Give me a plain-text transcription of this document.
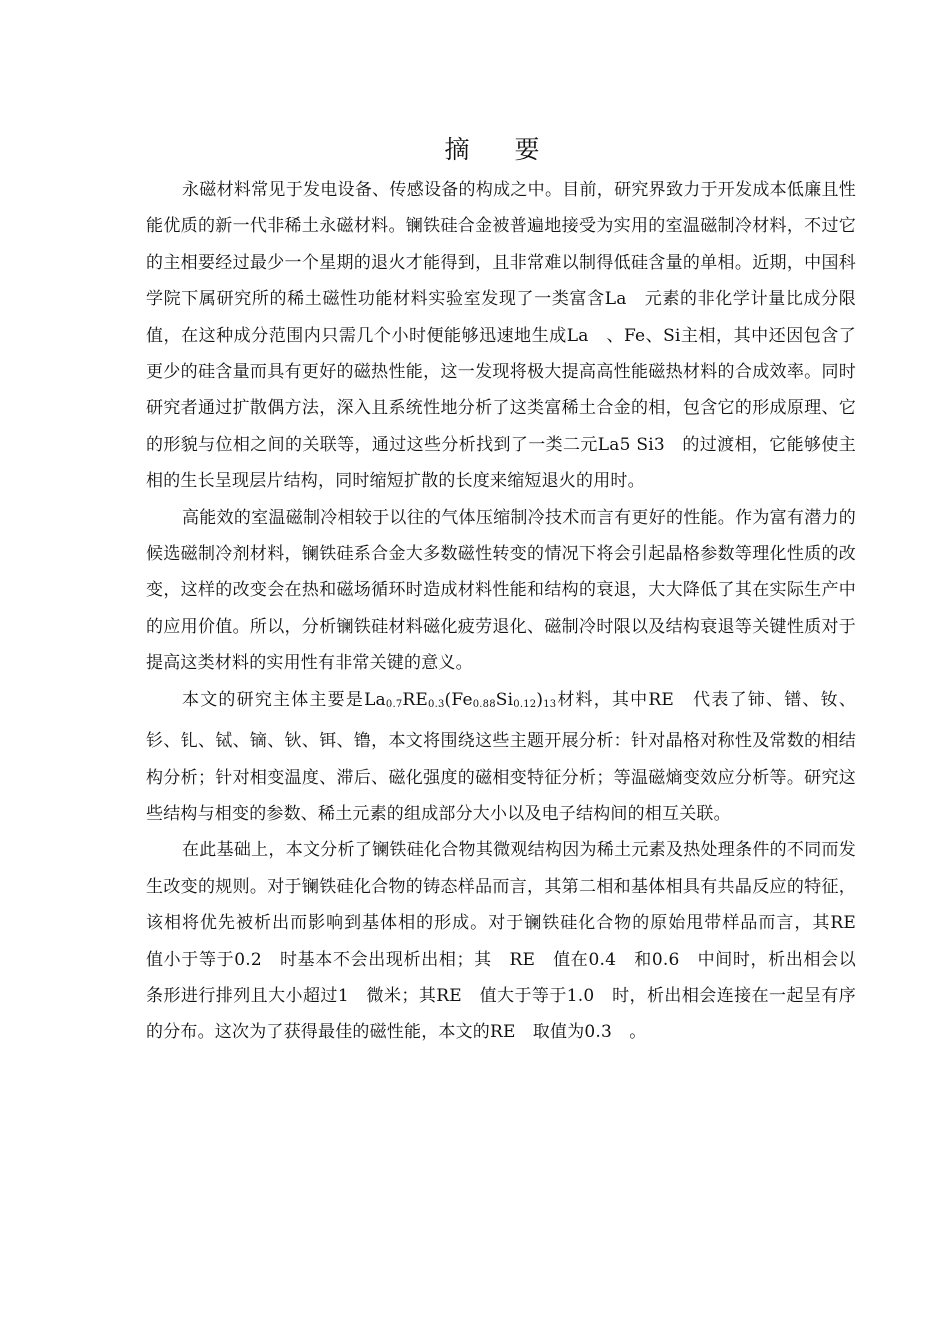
摘 要

永磁材料常见于发电设备、传感设备的构成之中。目前，研究界致力于开发成本低廉且性能优质的新一代非稀土永磁材料。镧铁硅合金被普遍地接受为实用的室温磁制冷材料，不过它的主相要经过最少一个星期的退火才能得到，且非常难以制得低硅含量的单相。近期，中国科学院下属研究所的稀土磁性功能材料实验室发现了一类富含La　元素的非化学计量比成分限值，在这种成分范围内只需几个小时便能够迅速地生成La　、Fe、Si主相，其中还因包含了更少的硅含量而具有更好的磁热性能，这一发现将极大提高高性能磁热材料的合成效率。同时研究者通过扩散偶方法，深入且系统性地分析了这类富稀土合金的相，包含它的形成原理、它的形貌与位相之间的关联等，通过这些分析找到了一类二元La5 Si3　的过渡相，它能够使主相的生长呈现层片结构，同时缩短扩散的长度来缩短退火的用时。

高能效的室温磁制冷相较于以往的气体压缩制冷技术而言有更好的性能。作为富有潜力的候选磁制冷剂材料，镧铁硅系合金大多数磁性转变的情况下将会引起晶格参数等理化性质的改变，这样的改变会在热和磁场循环时造成材料性能和结构的衰退，大大降低了其在实际生产中的应用价值。所以，分析镧铁硅材料磁化疲劳退化、磁制冷时限以及结构衰退等关键性质对于提高这类材料的实用性有非常关键的意义。

本文的研究主体主要是$La_{0.7}RE_{0.3}(Fe_{0.88}Si_{0.12})_{13}$材料，其中RE　代表了铈、镨、钕、钐、钆、铽、镝、钬、铒、镥，本文将围绕这些主题开展分析：针对晶格对称性及常数的相结构分析；针对相变温度、滞后、磁化强度的磁相变特征分析；等温磁熵变效应分析等。研究这些结构与相变的参数、稀土元素的组成部分大小以及电子结构间的相互关联。

在此基础上，本文分析了镧铁硅化合物其微观结构因为稀土元素及热处理条件的不同而发生改变的规则。对于镧铁硅化合物的铸态样品而言，其第二相和基体相具有共晶反应的特征，该相将优先被析出而影响到基体相的形成。对于镧铁硅化合物的原始甩带样品而言，其RE　值小于等于0.2　时基本不会出现析出相；其　RE　值在0.4　和0.6　中间时，析出相会以条形进行排列且大小超过1　微米；其RE　值大于等于1.0　时，析出相会连接在一起呈有序的分布。这次为了获得最佳的磁性能，本文的RE　取值为0.3　。
